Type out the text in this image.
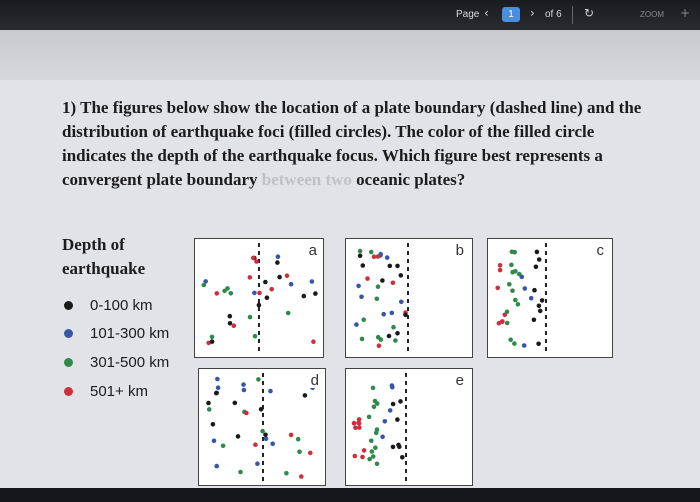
Page ‹	1	› of 6 ↻	ZOOM +
1) The figures below show the location of a plate boundary (dashed line) and the distribution of earthquake foci (filled circles). The color of the filled circle indicates the depth of the earthquake focus. Which figure best represents a convergent plate boundary between two oceanic plates?
Depth of earthquake
0-100 km
101-300 km
301-500 km
501+ km
a	b	c
d	e
